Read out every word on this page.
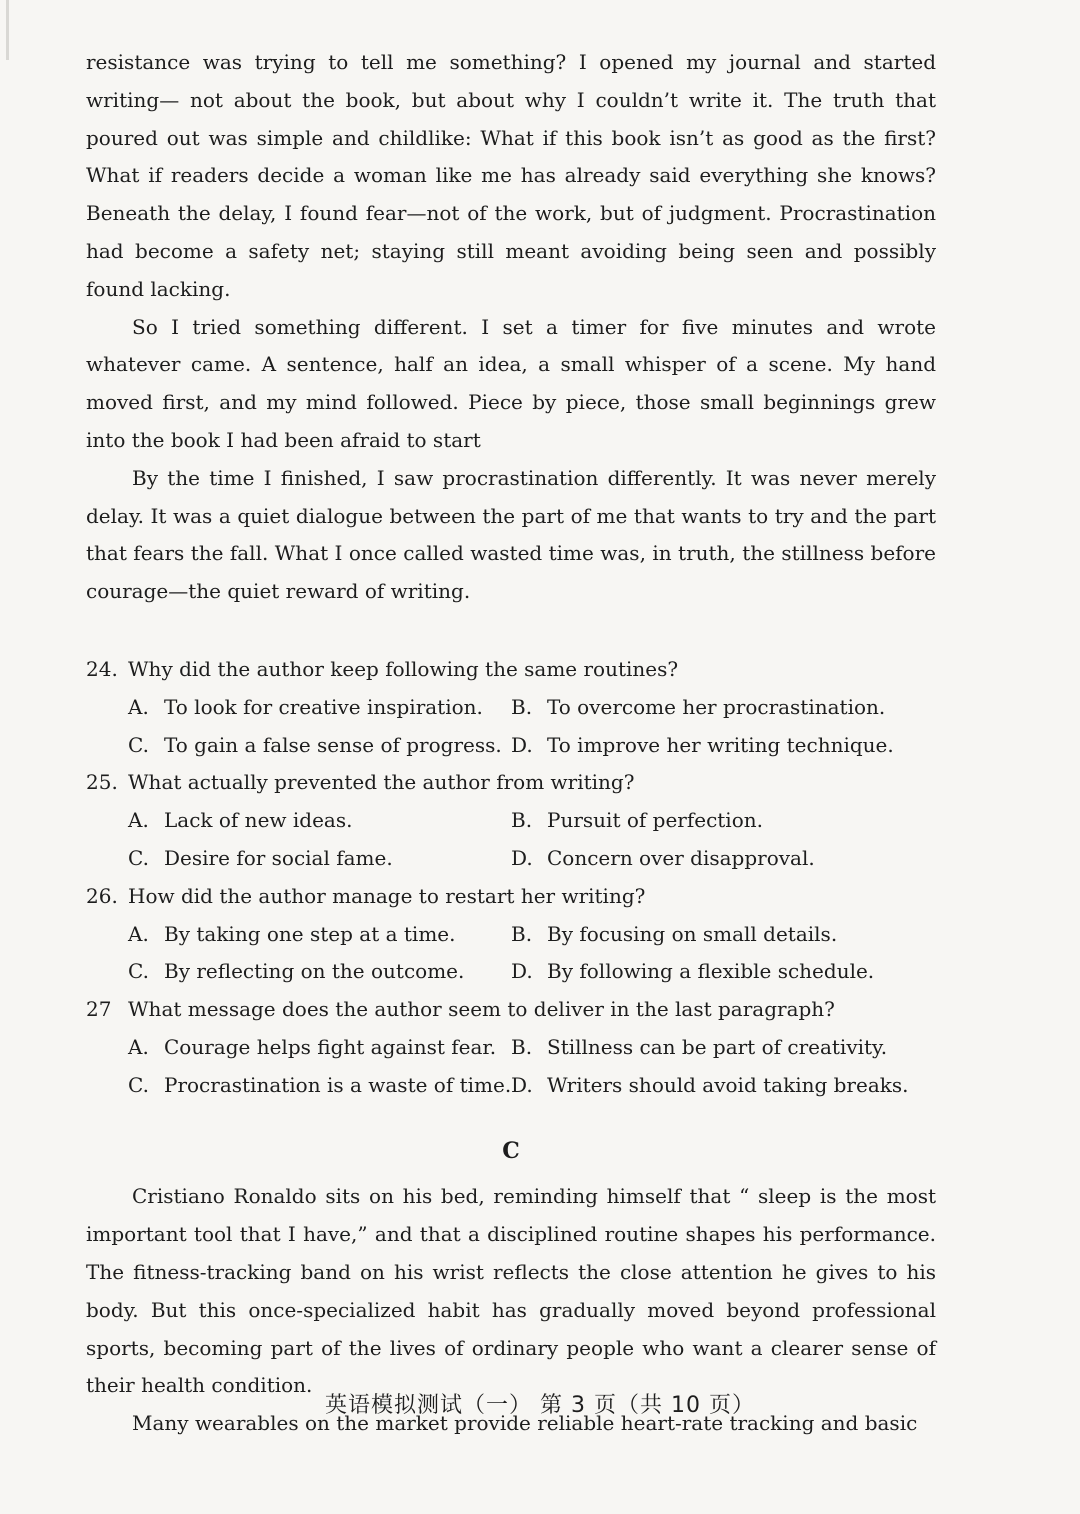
resistance was trying to tell me something? I opened my journal and started writing— not about the book, but about why I couldn’t write it. The truth that poured out was simple and childlike: What if this book isn’t as good as the first? What if readers decide a woman like me has already said everything she knows? Beneath the delay, I found fear—not of the work, but of judgment. Procrastination had become a safety net; staying still meant avoiding being seen and possibly found lacking.

So I tried something different. I set a timer for five minutes and wrote whatever came. A sentence, half an idea, a small whisper of a scene. My hand moved first, and my mind followed. Piece by piece, those small beginnings grew into the book I had been afraid to start

By the time I finished, I saw procrastination differently. It was never merely delay. It was a quiet dialogue between the part of me that wants to try and the part that fears the fall. What I once called wasted time was, in truth, the stillness before courage—the quiet reward of writing.

24. Why did the author keep following the same routines?
A. To look for creative inspiration.	B. To overcome her procrastination.
C. To gain a false sense of progress. D. To improve her writing technique.
25. What actually prevented the author from writing?
A. Lack of new ideas.	B. Pursuit of perfection.
C. Desire for social fame.	D. Concern over disapproval.
26. How did the author manage to restart her writing?
A. By taking one step at a time.	B. By focusing on small details.
C. By reflecting on the outcome.	D. By following a flexible schedule.
27 What message does the author seem to deliver in the last paragraph?
A. Courage helps fight against fear. B. Stillness can be part of creativity.
C. Procrastination is a waste of time. D. Writers should avoid taking breaks.
C

Cristiano Ronaldo sits on his bed, reminding himself that “ sleep is the most important tool that I have,” and that a disciplined routine shapes his performance. The fitness-tracking band on his wrist reflects the close attention he gives to his body. But this once-specialized habit has gradually moved beyond professional sports, becoming part of the lives of ordinary people who want a clearer sense of their health condition.

Many wearables on the market provide reliable heart-rate tracking and basic

英语模拟测试（一） 第 3 页（共 10 页）
